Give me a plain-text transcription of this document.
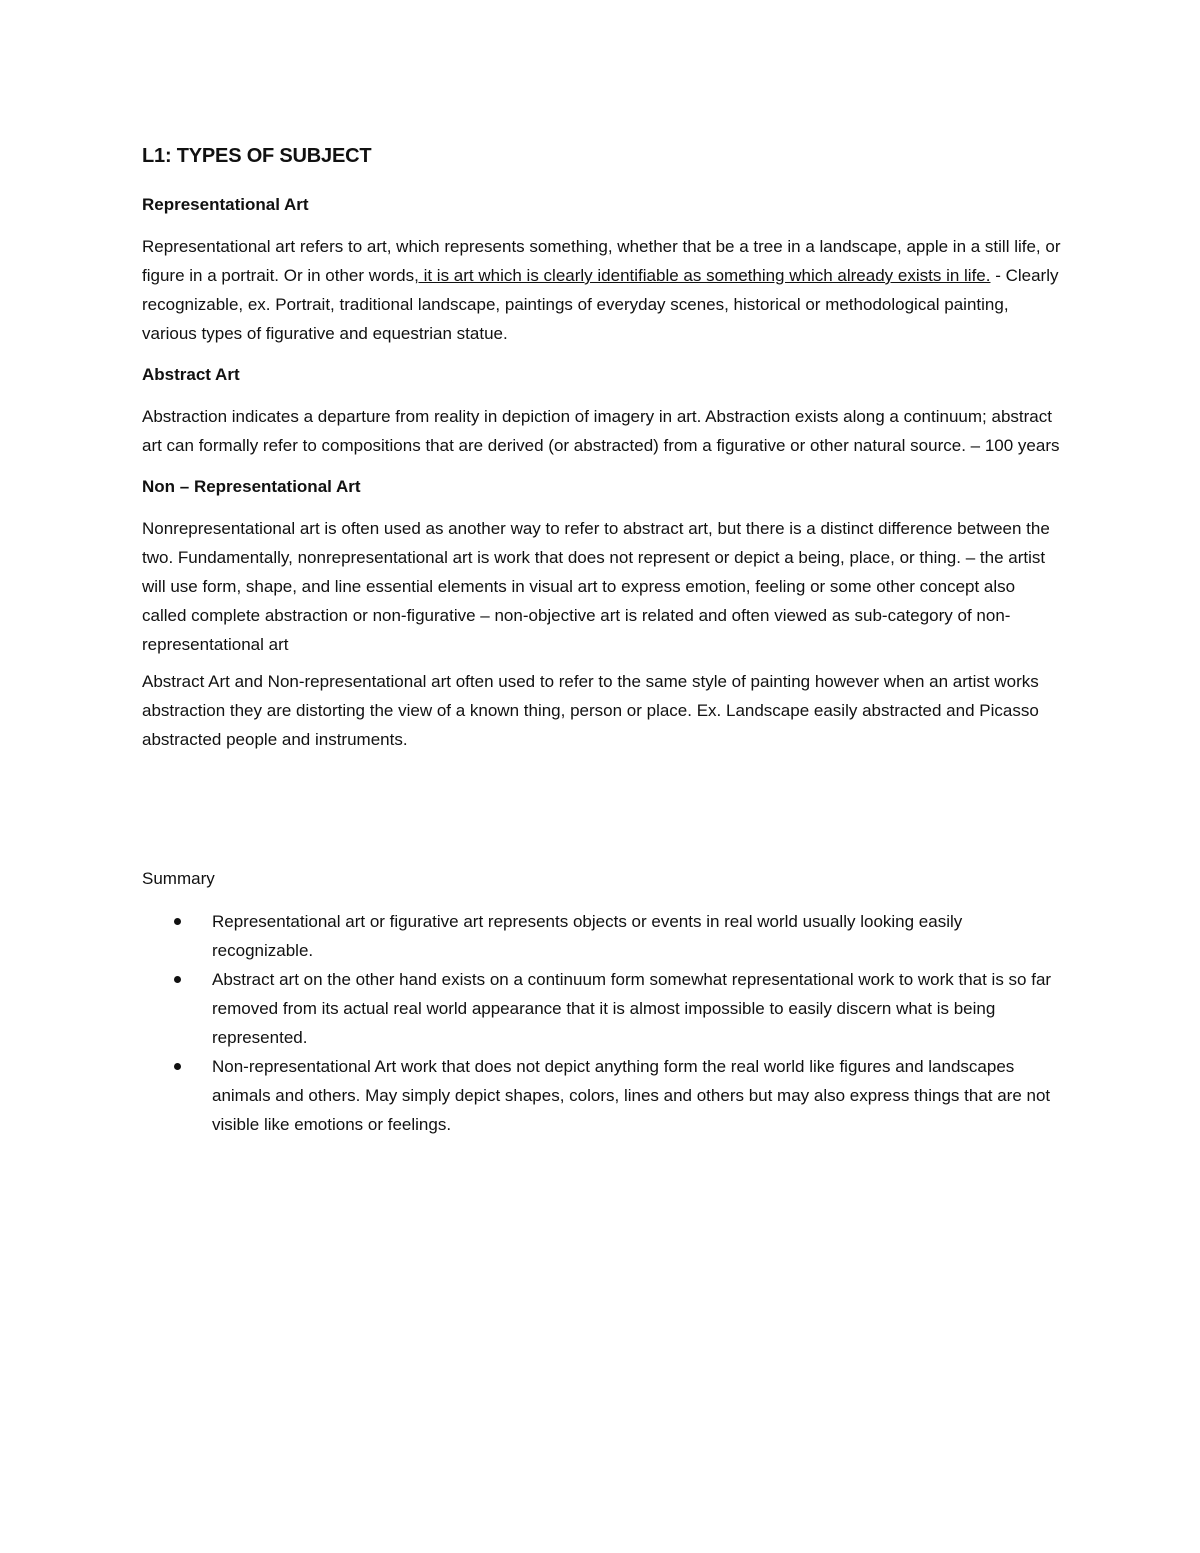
L1: TYPES OF SUBJECT
Representational Art
Representational art refers to art, which represents something, whether that be a tree in a landscape, apple in a still life, or figure in a portrait. Or in other words, it is art which is clearly identifiable as something which already exists in life. - Clearly recognizable, ex. Portrait, traditional landscape, paintings of everyday scenes, historical or methodological painting, various types of figurative and equestrian statue.
Abstract Art
Abstraction indicates a departure from reality in depiction of imagery in art. Abstraction exists along a continuum; abstract art can formally refer to compositions that are derived (or abstracted) from a figurative or other natural source. – 100 years
Non – Representational Art
Nonrepresentational art is often used as another way to refer to abstract art, but there is a distinct difference between the two. Fundamentally, nonrepresentational art is work that does not represent or depict a being, place, or thing. – the artist will use form, shape, and line essential elements in visual art to express emotion, feeling or some other concept also called complete abstraction or non-figurative – non-objective art is related and often viewed as sub-category of non-representational art
Abstract Art and Non-representational art often used to refer to the same style of painting however when an artist works abstraction they are distorting the view of a known thing, person or place. Ex. Landscape easily abstracted and Picasso abstracted people and instruments.
Summary
Representational art or figurative art represents objects or events in real world usually looking easily recognizable.
Abstract art on the other hand exists on a continuum form somewhat representational work to work that is so far removed from its actual real world appearance that it is almost impossible to easily discern what is being represented.
Non-representational Art work that does not depict anything form the real world like figures and landscapes animals and others. May simply depict shapes, colors, lines and others but may also express things that are not visible like emotions or feelings.
